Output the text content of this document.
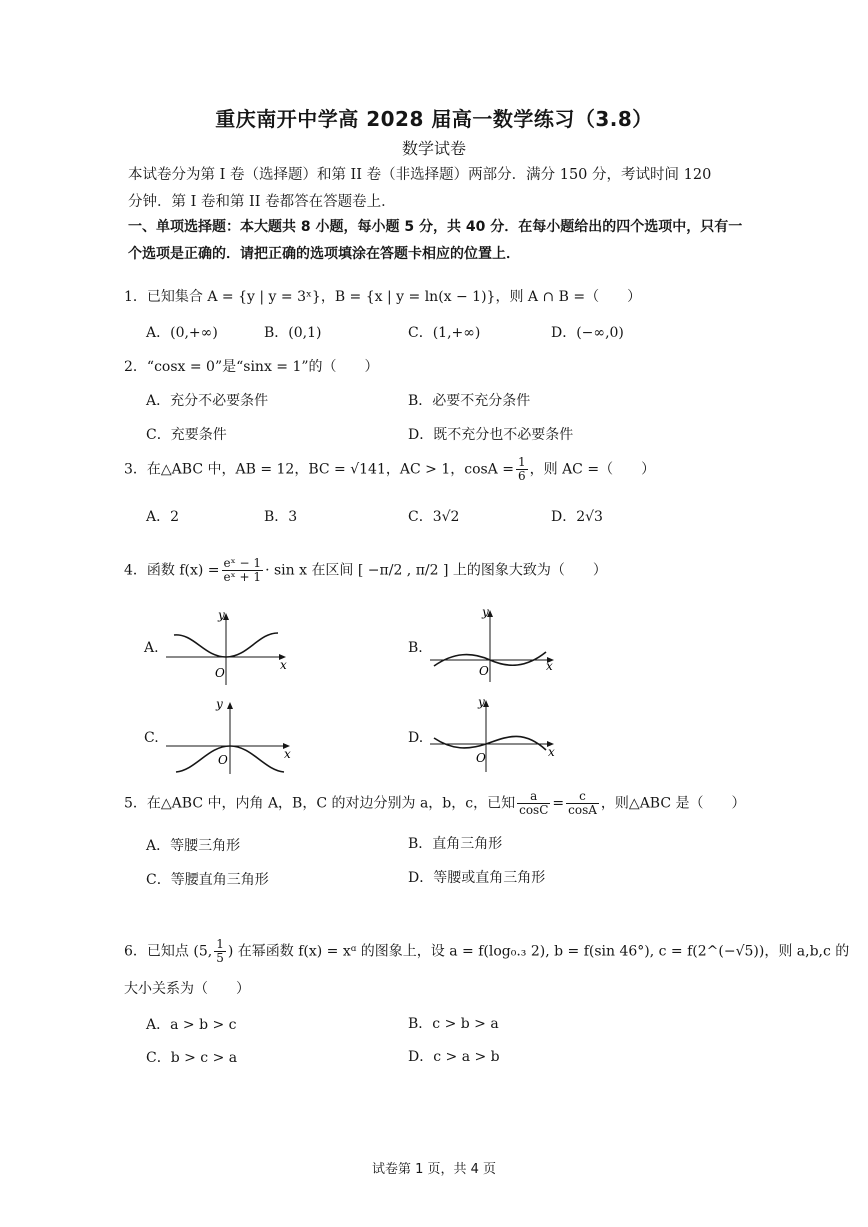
重庆南开中学高 2028 届高一数学练习（3.8）
数学试卷
本试卷分为第 I 卷（选择题）和第 II 卷（非选择题）两部分．满分 150 分，考试时间 120
分钟．第 I 卷和第 II 卷都答在答题卷上．
一、单项选择题：本大题共 8 小题，每小题 5 分，共 40 分．在每小题给出的四个选项中，只有一
个选项是正确的．请把正确的选项填涂在答题卡相应的位置上．
1．已知集合 A = {y | y = 3ˣ}，B = {x | y = ln(x − 1)}，则 A ∩ B =（　　）
A．(0,+∞)	B．(0,1)	C．(1,+∞)	D．(−∞,0)
2．“cosx = 0”是“sinx = 1”的（　　）
A．充分不必要条件	B．必要不充分条件
C．充要条件	D．既不充分也不必要条件
3．在△ABC 中，AB = 12，BC = √141，AC > 1，$\cos A = \frac{1}{6}$ ，则 AC =（　　）
A．2	B．3	C．3√2	D．2√3
4．函数 $f(x) = \frac{\text{eˣ − 1}}{\text{eˣ + 1}} \cdot \sin x$ 在区间 [ −π/2 , π/2 ] 上的图象大致为（　　）
A.	B.
C.	D.
y
x
O
y
x
O
y
x
O
y
x
O
5．在△ABC 中，内角 A，B，C 的对边分别为 a，b，c，已知 $\frac{a}{\cos C} = \frac{c}{\cos A}$ ，则△ABC 是（　　）
A．等腰三角形	B．直角三角形
C．等腰直角三角形	D．等腰或直角三角形
6．已知点 (5, $\frac{1}{5}$ ) 在幂函数 f(x) = xᵅ 的图象上，设 a = f(log₀.₃ 2), b = f(sin 46°), c = f(2^(−√5))，则 a,b,c 的
大小关系为（　　）
A．a > b > c	B．c > b > a
C．b > c > a	D．c > a > b
试卷第 1 页，共 4 页
